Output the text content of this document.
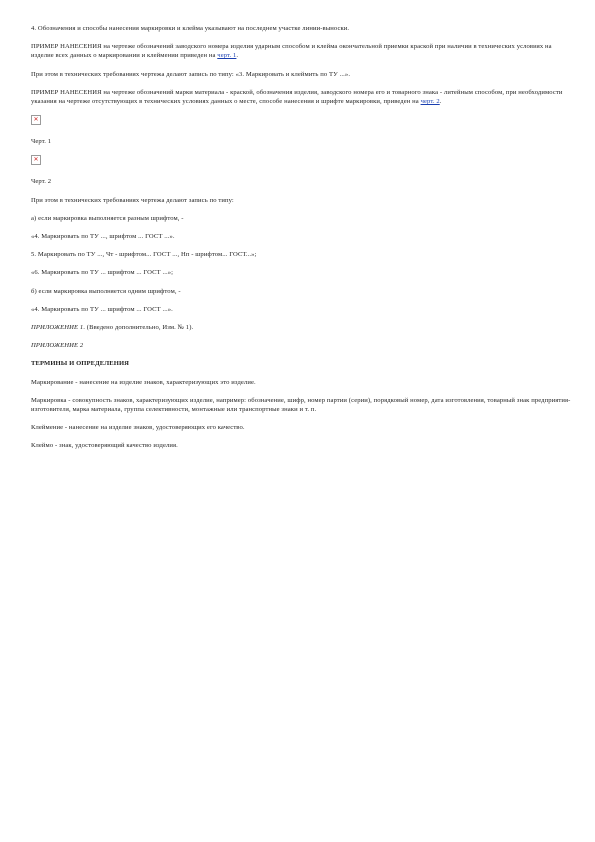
4. Обозначения и способы нанесения маркировки и клейма указывают на последнем участке линии-выноски.

ПРИМЕР НАНЕСЕНИЯ на чертеже обозначений заводского номера изделия ударным способом и клейма окончательной приемки краской при наличии в технических условиях на изделие всех данных о маркировании и клеймении приведен на черт. 1.

При этом в технических требованиях чертежа делают запись по типу: «3. Маркировать и клеймить по ТУ ...».

ПРИМЕР НАНЕСЕНИЯ на чертеже обозначений марки материала - краской, обозначения изделия, заводского номера его и товарного знака - литейным способом, при необходимости указания на чертеже отсутствующих в технических условиях данных о месте, способе нанесения и шрифте маркировки, приведен на черт. 2.

✕

Черт. 1

✕

Черт. 2

При этом в технических требованиях чертежа делают запись по типу:

а) если маркировка выполняется разным шрифтом, -

«4. Маркировать по ТУ ..., шрифтом ... ГОСТ ...».

5. Маркировать по ТУ ..., Чт - шрифтом... ГОСТ ..., Нп - шрифтом... ГОСТ...»;

«6. Маркировать по ТУ ... шрифтом ... ГОСТ ...»;

б) если маркировка выполняется одним шрифтом, -

«4. Маркировать по ТУ ... шрифтом ... ГОСТ ...».

ПРИЛОЖЕНИЕ 1. (Введено дополнительно, Изм. № 1).

ПРИЛОЖЕНИЕ 2

ТЕРМИНЫ И ОПРЕДЕЛЕНИЯ

Маркирование - нанесение на изделие знаков, характеризующих это изделие.

Маркировка - совокупность знаков, характеризующих изделие, например: обозначение, шифр, номер партии (серии), порядковый номер, дата изготовления, товарный знак предприятия-изготовителя, марка материала, группа селективности, монтажные или транспортные знаки и т. п.

Клеймение - нанесение на изделие знаков, удостоверяющих его качество.

Клеймо - знак, удостоверяющий качество изделия.
